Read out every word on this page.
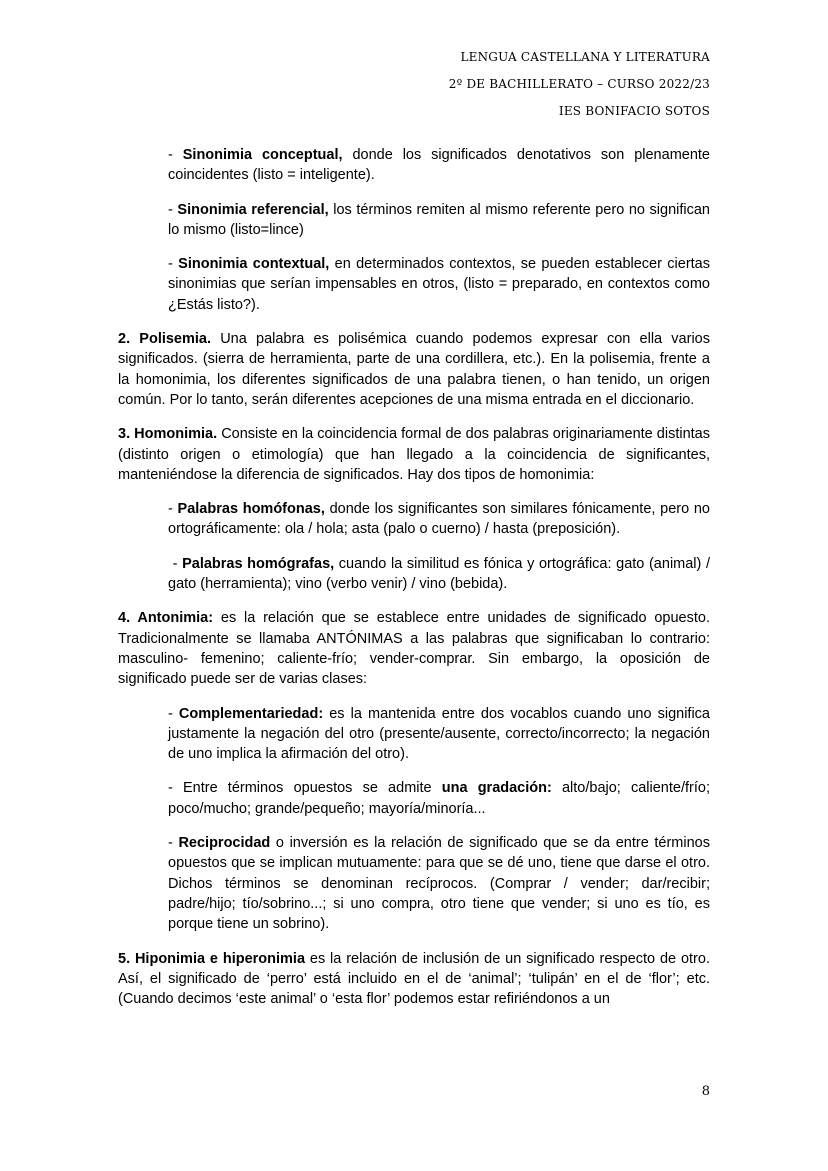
LENGUA CASTELLANA Y LITERATURA
2º DE BACHILLERATO – CURSO 2022/23
IES BONIFACIO SOTOS

- Sinonimia conceptual, donde los significados denotativos son plenamente coincidentes (listo = inteligente).

- Sinonimia referencial, los términos remiten al mismo referente pero no significan lo mismo (listo=lince)

- Sinonimia contextual, en determinados contextos, se pueden establecer ciertas sinonimias que serían impensables en otros, (listo = preparado, en contextos como ¿Estás listo?).

2. Polisemia. Una palabra es polisémica cuando podemos expresar con ella varios significados. (sierra de herramienta, parte de una cordillera, etc.). En la polisemia, frente a la homonimia, los diferentes significados de una palabra tienen, o han tenido, un origen común. Por lo tanto, serán diferentes acepciones de una misma entrada en el diccionario.

3. Homonimia. Consiste en la coincidencia formal de dos palabras originariamente distintas (distinto origen o etimología) que han llegado a la coincidencia de significantes, manteniéndose la diferencia de significados. Hay dos tipos de homonimia:

- Palabras homófonas, donde los significantes son similares fónicamente, pero no ortográficamente: ola / hola; asta (palo o cuerno) / hasta (preposición).

- Palabras homógrafas, cuando la similitud es fónica y ortográfica: gato (animal) / gato (herramienta); vino (verbo venir) / vino (bebida).

4. Antonimia: es la relación que se establece entre unidades de significado opuesto. Tradicionalmente se llamaba ANTÓNIMAS a las palabras que significaban lo contrario: masculino- femenino; caliente-frío; vender-comprar. Sin embargo, la oposición de significado puede ser de varias clases:

- Complementariedad: es la mantenida entre dos vocablos cuando uno significa justamente la negación del otro (presente/ausente, correcto/incorrecto; la negación de uno implica la afirmación del otro).

- Entre términos opuestos se admite una gradación: alto/bajo; caliente/frío; poco/mucho; grande/pequeño; mayoría/minoría...

- Reciprocidad o inversión es la relación de significado que se da entre términos opuestos que se implican mutuamente: para que se dé uno, tiene que darse el otro. Dichos términos se denominan recíprocos. (Comprar / vender; dar/recibir; padre/hijo; tío/sobrino...; si uno compra, otro tiene que vender; si uno es tío, es porque tiene un sobrino).

5. Hiponimia e hiperonimia es la relación de inclusión de un significado respecto de otro. Así, el significado de ‘perro’ está incluido en el de ‘animal’; ‘tulipán’ en el de ‘flor’; etc. (Cuando decimos ‘este animal’ o ‘esta flor’ podemos estar refiriéndonos a un

8
